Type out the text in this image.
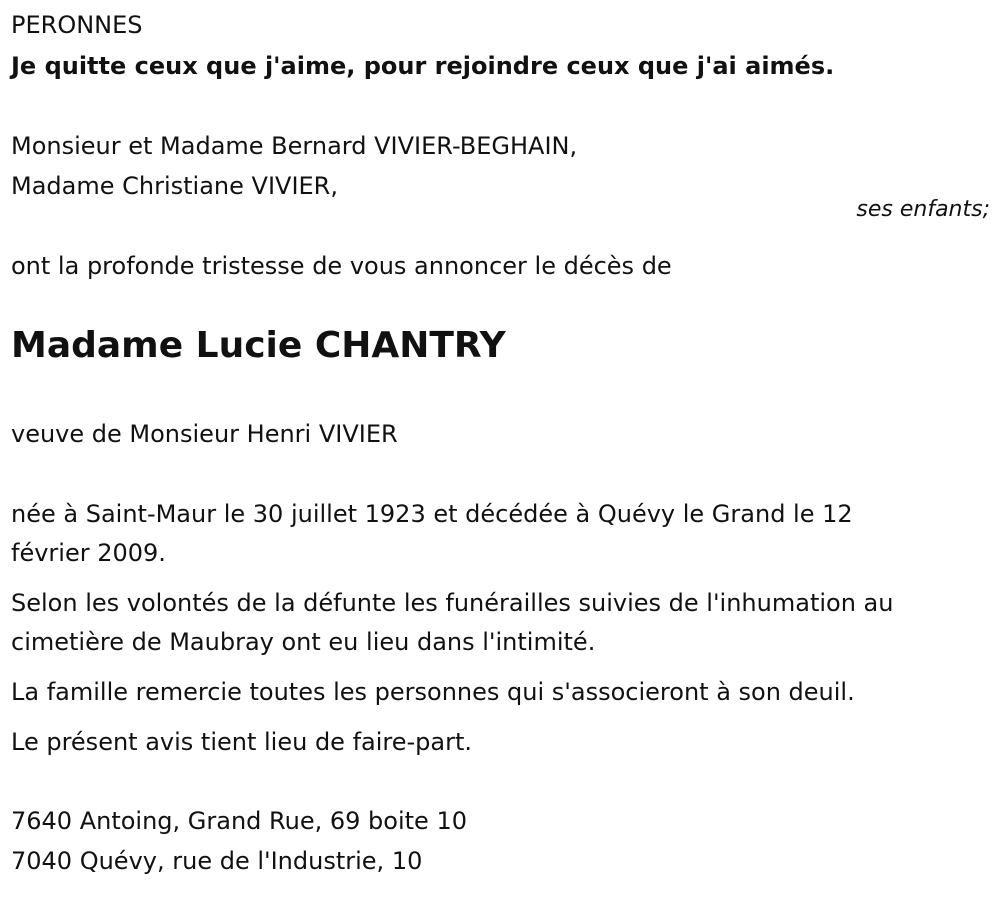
PERONNES
Je quitte ceux que j'aime, pour rejoindre ceux que j'ai aimés.
Monsieur et Madame Bernard VIVIER-BEGHAIN,
Madame Christiane VIVIER,
ses enfants;
ont la profonde tristesse de vous annoncer le décès de
Madame Lucie CHANTRY
veuve de Monsieur Henri VIVIER
née à Saint-Maur le 30 juillet 1923 et décédée à Quévy le Grand le 12
février 2009.
Selon les volontés de la défunte les funérailles suivies de l'inhumation au
cimetière de Maubray ont eu lieu dans l'intimité.
La famille remercie toutes les personnes qui s'associeront à son deuil.
Le présent avis tient lieu de faire-part.
7640 Antoing, Grand Rue, 69 boite 10
7040 Quévy, rue de l'Industrie, 10
